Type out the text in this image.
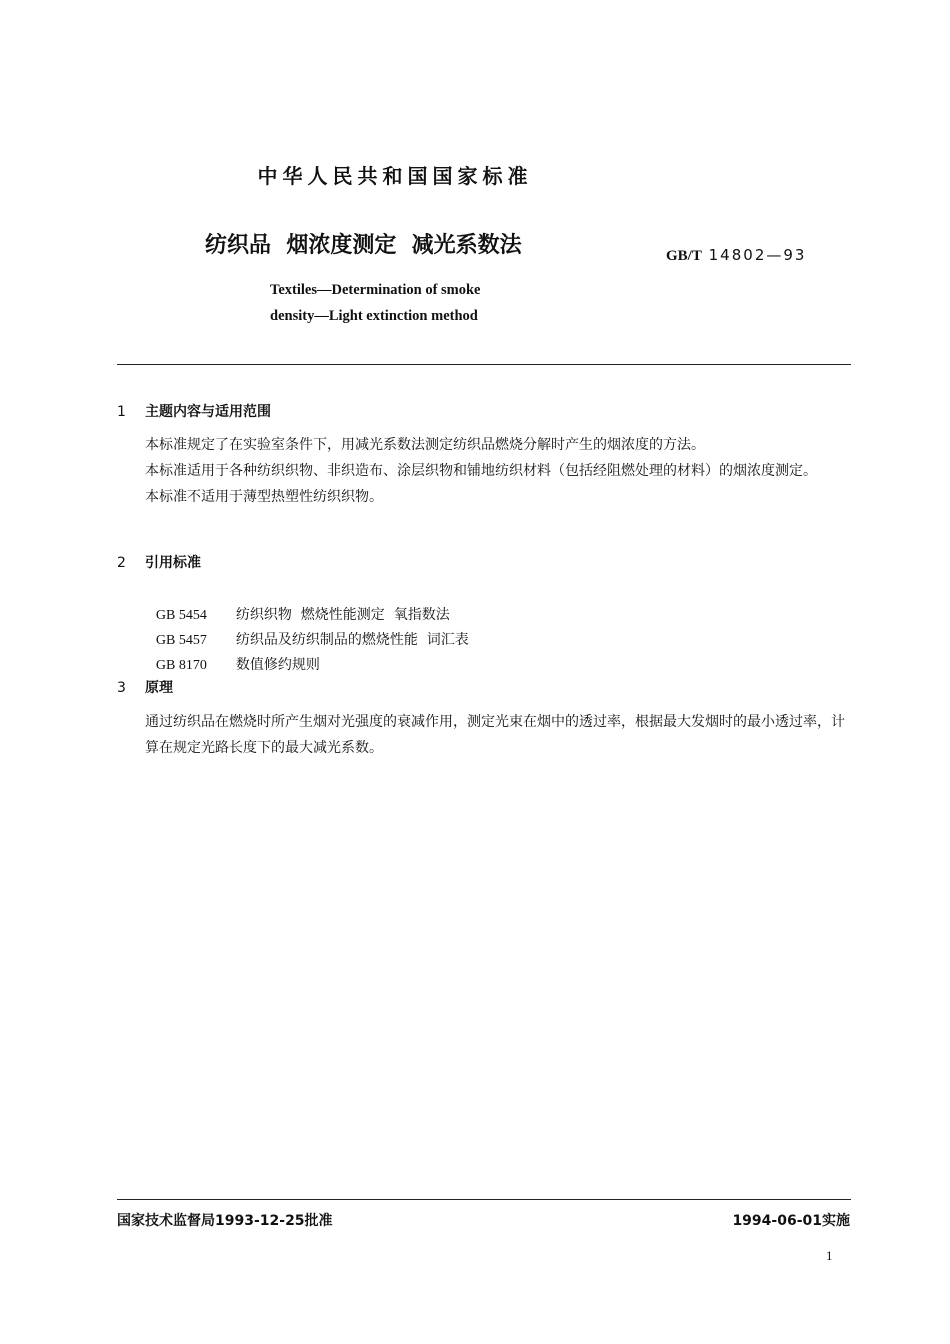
中华人民共和国国家标准
纺织品  烟浓度测定  减光系数法	GB/T 14802—93
Textiles—Determination of smoke
density—Light extinction method
1 主题内容与适用范围
本标准规定了在实验室条件下，用减光系数法测定纺织品燃烧分解时产生的烟浓度的方法。
本标准适用于各种纺织织物、非织造布、涂层织物和铺地纺织材料（包括经阻燃处理的材料）的烟浓度测定。
本标准不适用于薄型热塑性纺织织物。
2 引用标准

GB 5454 纺织织物  燃烧性能测定  氧指数法

GB 5457 纺织品及纺织制品的燃烧性能  词汇表

GB 8170 数值修约规则

3 原理
通过纺织品在燃烧时所产生烟对光强度的衰减作用，测定光束在烟中的透过率，根据最大发烟时的最小透过率，计算在规定光路长度下的最大减光系数。
国家技术监督局1993-12-25批准	1994-06-01实施
1
